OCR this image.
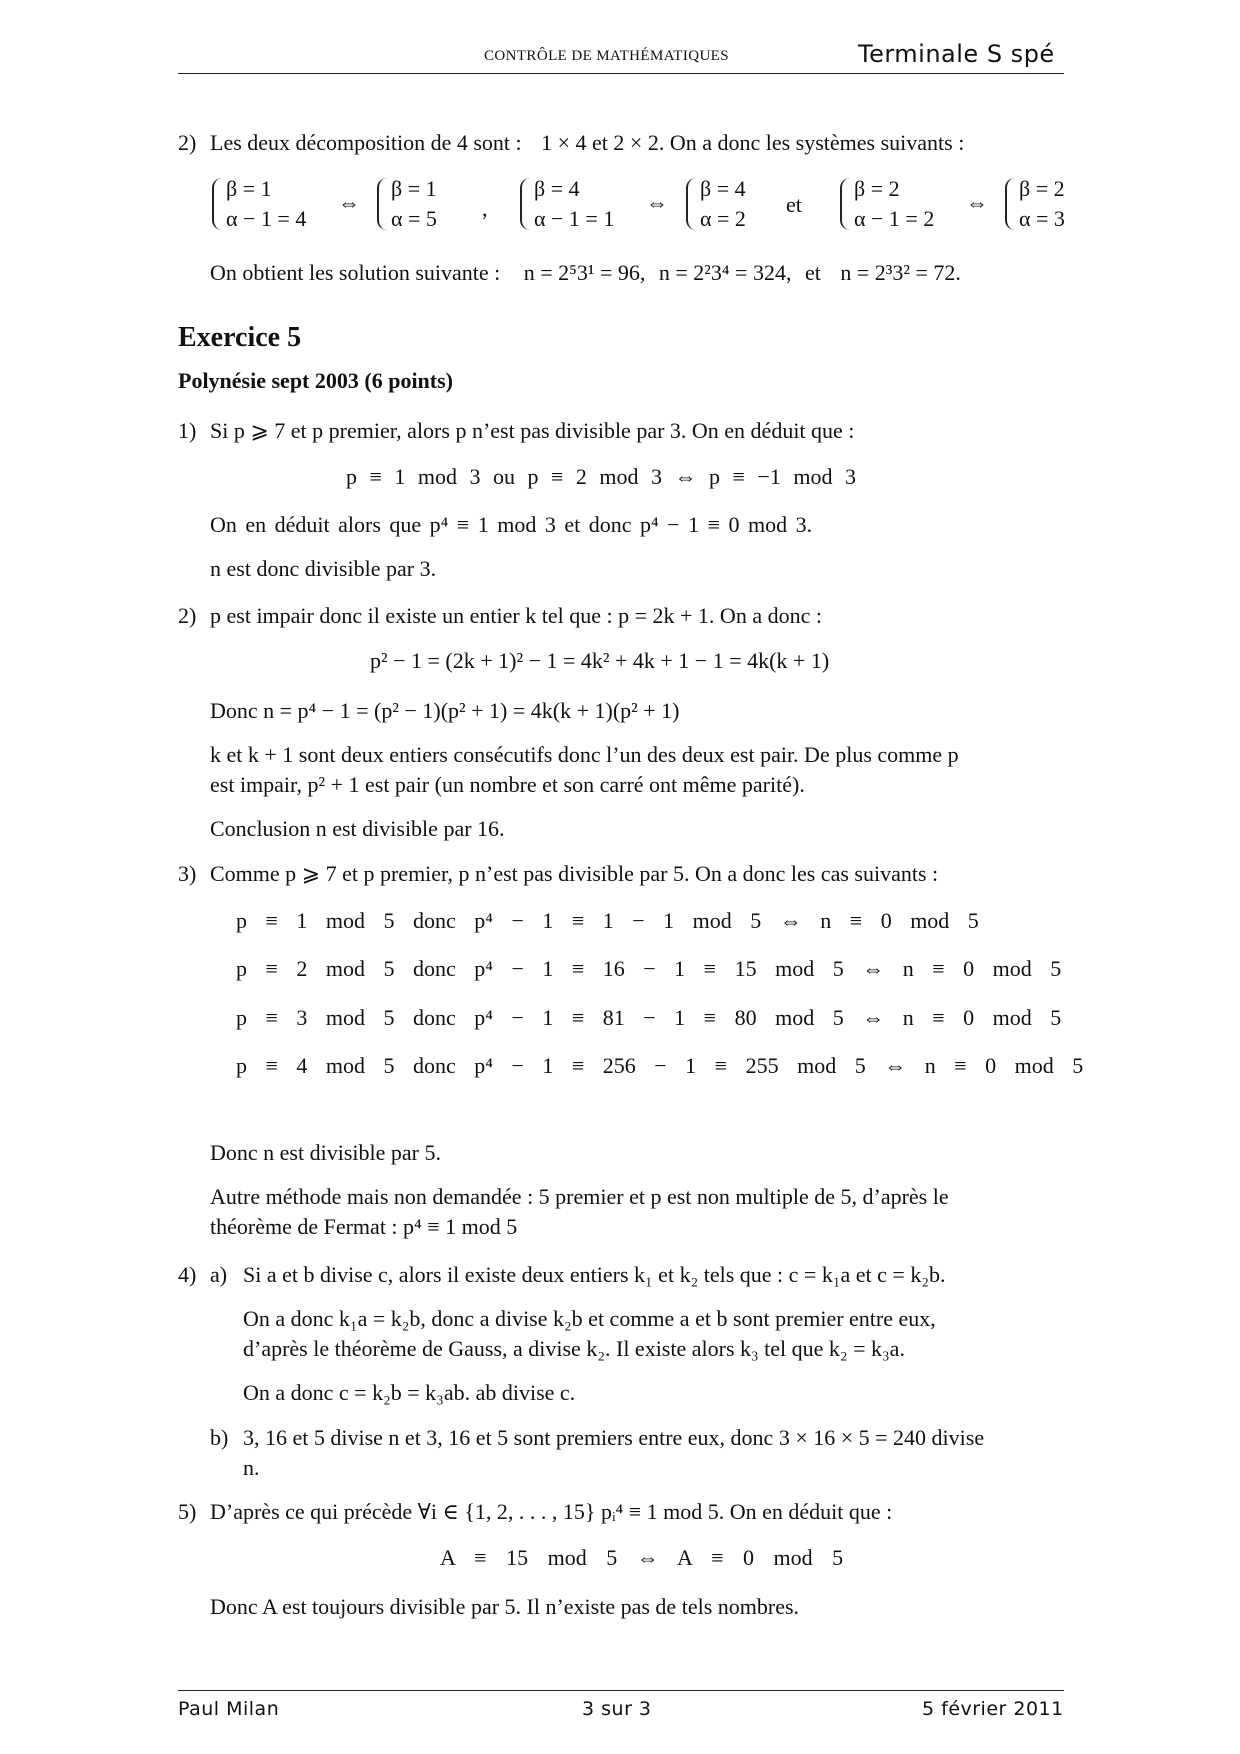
CONTRÔLE DE MATHÉMATIQUES	Terminale S spé
2) Les deux décomposition de 4 sont : 1 × 4 et 2 × 2. On a donc les systèmes suivants :
β = 1
α − 1 = 4
⇔
β = 1
α = 5 ,
β = 4
α − 1 = 1
⇔
β = 4
α = 2
et
β = 2
α − 1 = 2
⇔
β = 2
α = 3
On obtient les solution suivante : n = 2⁵3¹ = 96, n = 2²3⁴ = 324, et n = 2³3² = 72.
Exercice 5
Polynésie sept 2003 (6 points)
1) Si p ⩾ 7 et p premier, alors p n’est pas divisible par 3. On en déduit que :
p ≡ 1 mod 3 ou p ≡ 2 mod 3 ⇔ p ≡ −1 mod 3
On en déduit alors que p⁴ ≡ 1 mod 3 et donc p⁴ − 1 ≡ 0 mod 3.
n est donc divisible par 3.
2) p est impair donc il existe un entier k tel que : p = 2k + 1. On a donc :
p² − 1 = (2k + 1)² − 1 = 4k² + 4k + 1 − 1 = 4k(k + 1)
Donc n = p⁴ − 1 = (p² − 1)(p² + 1) = 4k(k + 1)(p² + 1)
k et k + 1 sont deux entiers consécutifs donc l’un des deux est pair. De plus comme p
est impair, p² + 1 est pair (un nombre et son carré ont même parité).
Conclusion n est divisible par 16.
3) Comme p ⩾ 7 et p premier, p n’est pas divisible par 5. On a donc les cas suivants :
p ≡ 1 mod 5 donc p⁴ − 1 ≡ 1 − 1 mod 5 ⇔ n ≡ 0 mod 5
p ≡ 2 mod 5 donc p⁴ − 1 ≡ 16 − 1 ≡ 15 mod 5 ⇔ n ≡ 0 mod 5
p ≡ 3 mod 5 donc p⁴ − 1 ≡ 81 − 1 ≡ 80 mod 5 ⇔ n ≡ 0 mod 5
p ≡ 4 mod 5 donc p⁴ − 1 ≡ 256 − 1 ≡ 255 mod 5 ⇔ n ≡ 0 mod 5
Donc n est divisible par 5.
Autre méthode mais non demandée : 5 premier et p est non multiple de 5, d’après le
théorème de Fermat : p⁴ ≡ 1 mod 5
4) a) Si a et b divise c, alors il existe deux entiers k₁ et k₂ tels que : c = k₁a et c = k₂b.
On a donc k₁a = k₂b, donc a divise k₂b et comme a et b sont premier entre eux,
d’après le théorème de Gauss, a divise k₂. Il existe alors k₃ tel que k₂ = k₃a.
On a donc c = k₂b = k₃ab. ab divise c.
b) 3, 16 et 5 divise n et 3, 16 et 5 sont premiers entre eux, donc 3 × 16 × 5 = 240 divise
n.
5) D’après ce qui précède ∀i ∈ {1, 2, . . . , 15} pᵢ⁴ ≡ 1 mod 5. On en déduit que :
A ≡ 15 mod 5 ⇔ A ≡ 0 mod 5
Donc A est toujours divisible par 5. Il n’existe pas de tels nombres.
Paul Milan	3 sur 3	5 février 2011
